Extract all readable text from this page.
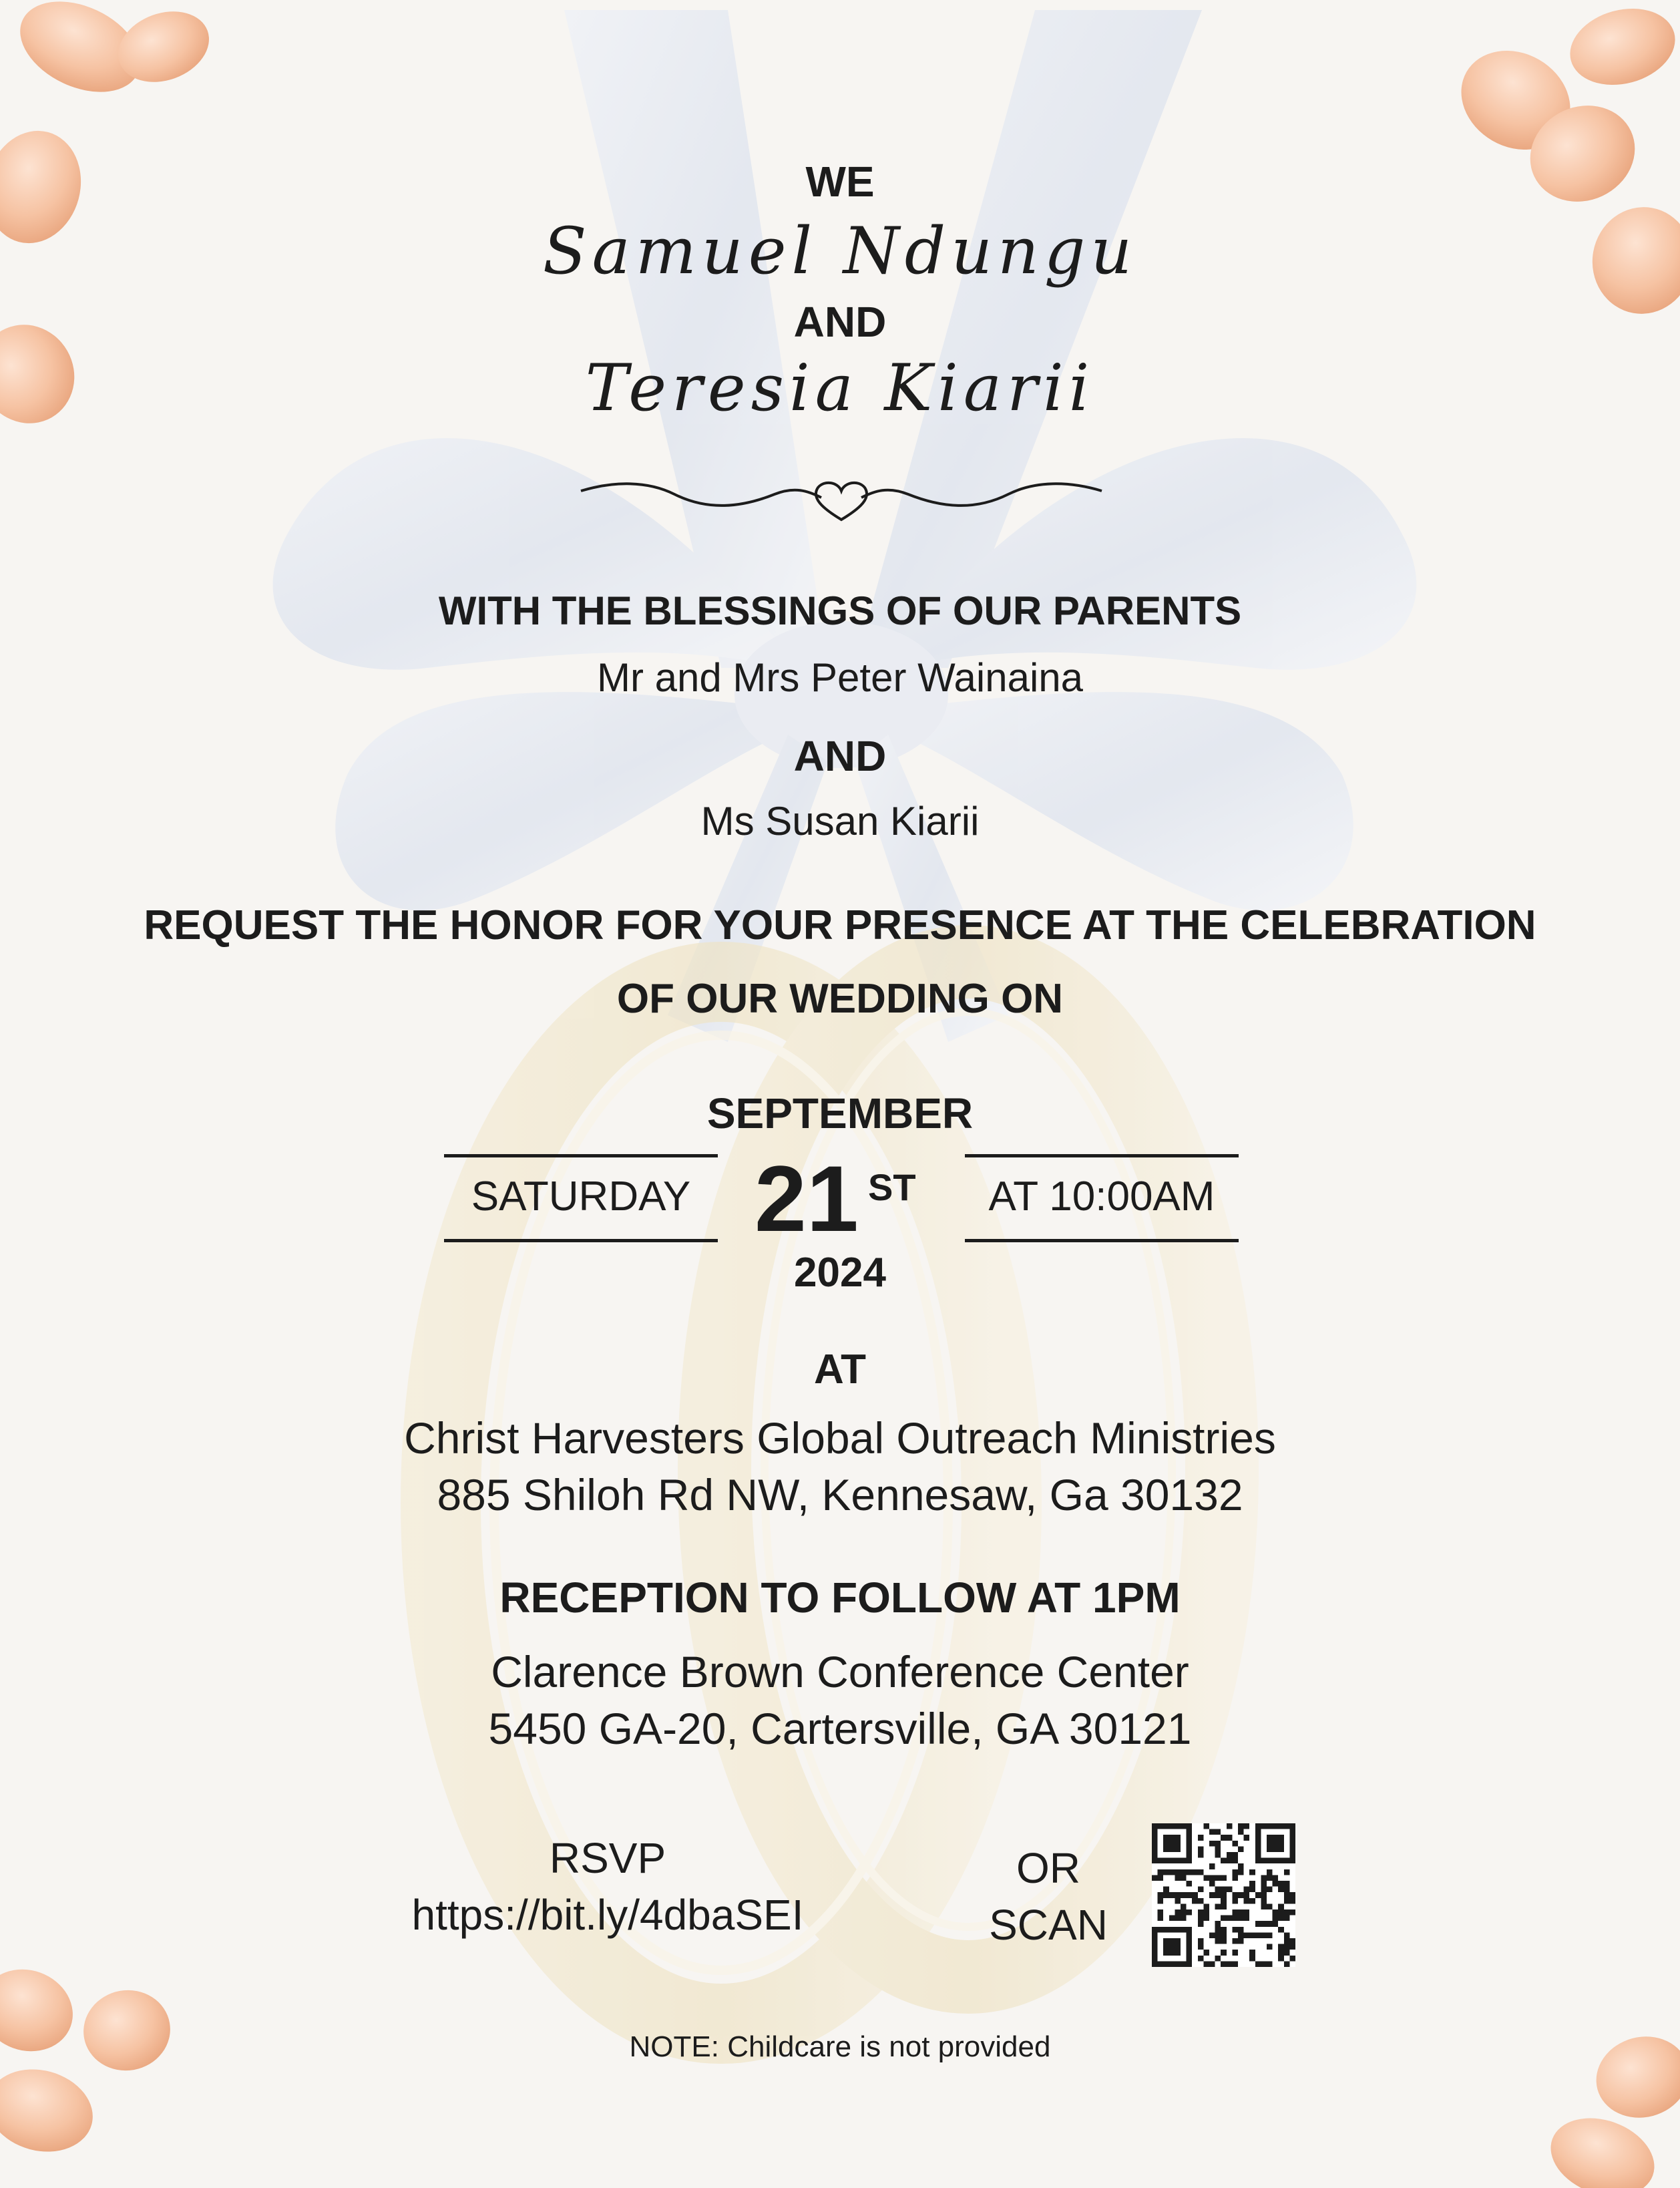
WE
Samuel Ndungu
AND
Teresia Kiarii
WITH THE BLESSINGS OF OUR PARENTS
Mr and Mrs Peter Wainaina
AND
Ms Susan Kiarii
REQUEST THE HONOR FOR YOUR PRESENCE AT THE CELEBRATION
OF OUR WEDDING ON
SEPTEMBER
SATURDAY 21 ST	AT 10:00AM
2024
AT
Christ Harvesters Global Outreach Ministries
885 Shiloh Rd NW, Kennesaw, Ga 30132
RECEPTION TO FOLLOW AT 1PM
Clarence Brown Conference Center
5450 GA-20, Cartersville, GA 30121
RSVP
https://bit.ly/4dbaSEI
OR
SCAN
NOTE: Childcare is not provided
